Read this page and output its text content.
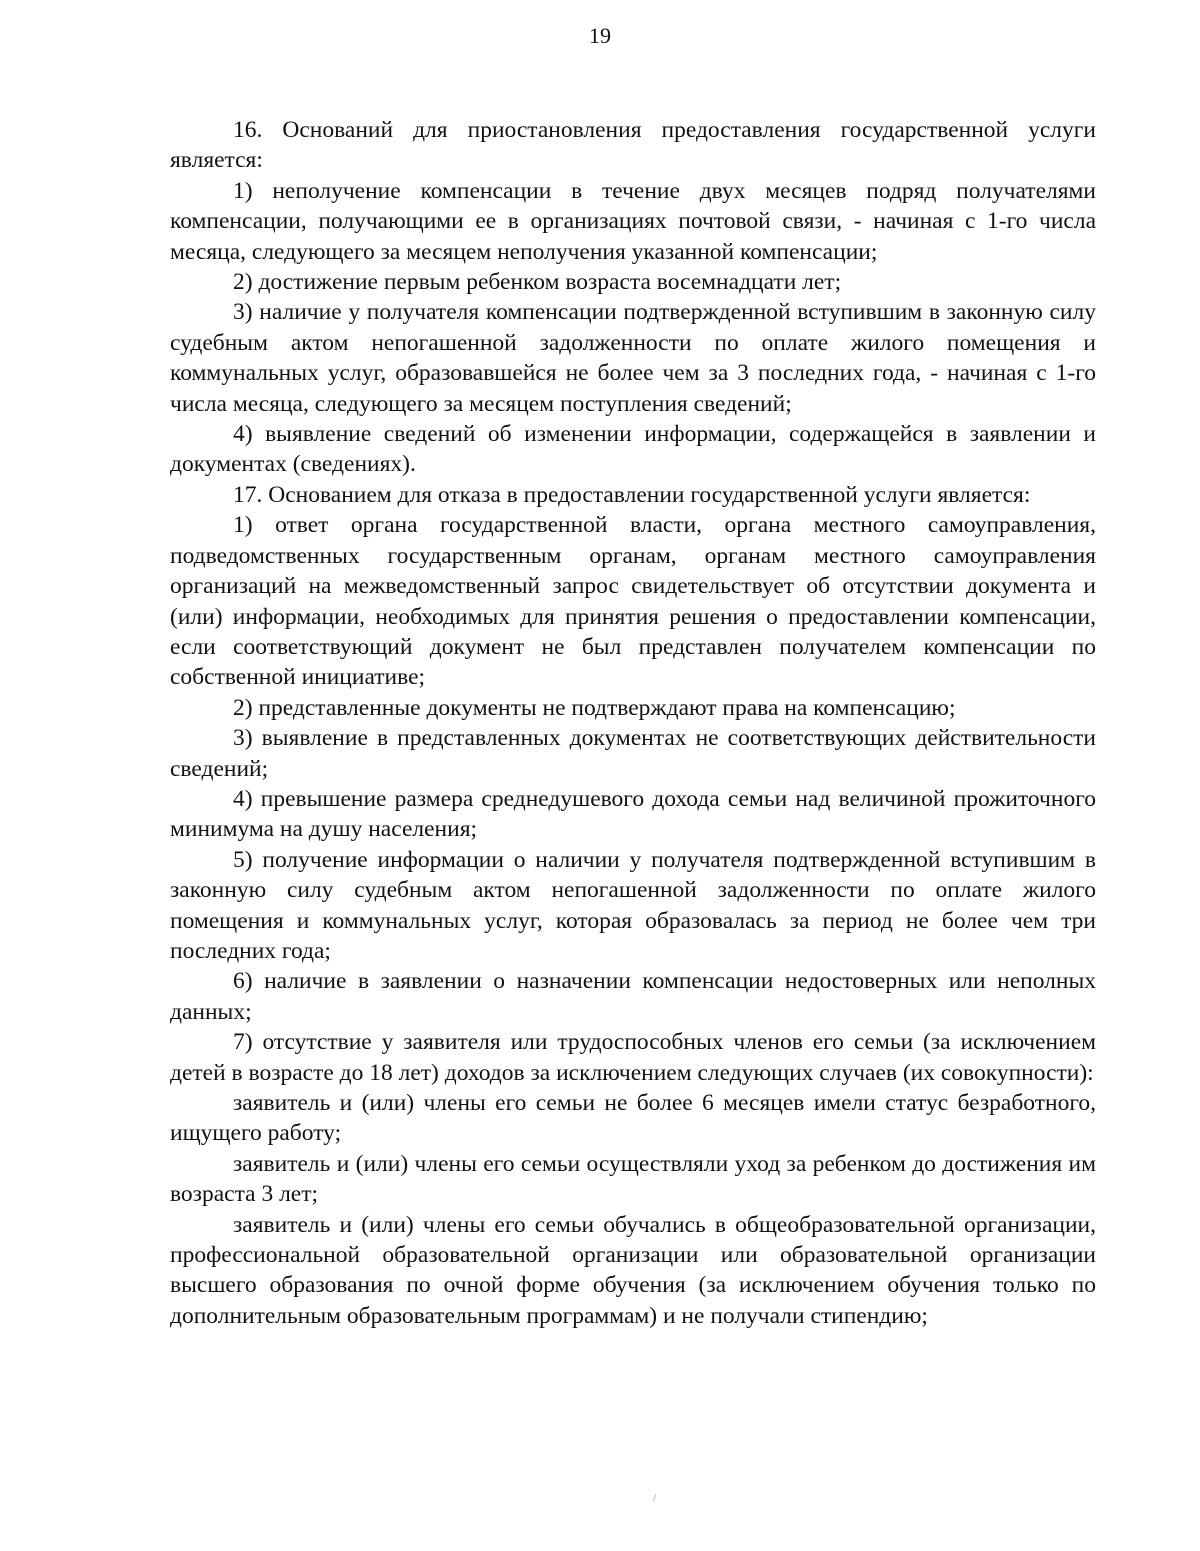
19

16. Оснований для приостановления предоставления государственной услуги является:

1) неполучение компенсации в течение двух месяцев подряд получателями компенсации, получающими ее в организациях почтовой связи, - начиная с 1-го числа месяца, следующего за месяцем неполучения указанной компенсации;

2) достижение первым ребенком возраста восемнадцати лет;

3) наличие у получателя компенсации подтвержденной вступившим в законную силу судебным актом непогашенной задолженности по оплате жилого помещения и коммунальных услуг, образовавшейся не более чем за 3 последних года, - начиная с 1-го числа месяца, следующего за месяцем поступления сведений;

4) выявление сведений об изменении информации, содержащейся в заявлении и документах (сведениях).

17. Основанием для отказа в предоставлении государственной услуги является:

1) ответ органа государственной власти, органа местного самоуправления, подведомственных государственным органам, органам местного самоуправления организаций на межведомственный запрос свидетельствует об отсутствии документа и (или) информации, необходимых для принятия решения о предоставлении компенсации, если соответствующий документ не был представлен получателем компенсации по собственной инициативе;

2) представленные документы не подтверждают права на компенсацию;

3) выявление в представленных документах не соответствующих действительности сведений;

4) превышение размера среднедушевого дохода семьи над величиной прожиточного минимума на душу населения;

5) получение информации о наличии у получателя подтвержденной вступившим в законную силу судебным актом непогашенной задолженности по оплате жилого помещения и коммунальных услуг, которая образовалась за период не более чем три последних года;

6) наличие в заявлении о назначении компенсации недостоверных или неполных данных;

7) отсутствие у заявителя или трудоспособных членов его семьи (за исключением детей в возрасте до 18 лет) доходов за исключением следующих случаев (их совокупности):

заявитель и (или) члены его семьи не более 6 месяцев имели статус безработного, ищущего работу;

заявитель и (или) члены его семьи осуществляли уход за ребенком до достижения им возраста 3 лет;

заявитель и (или) члены его семьи обучались в общеобразовательной организации, профессиональной образовательной организации или образовательной организации высшего образования по очной форме обучения (за исключением обучения только по дополнительным образовательным программам) и не получали стипендию;
